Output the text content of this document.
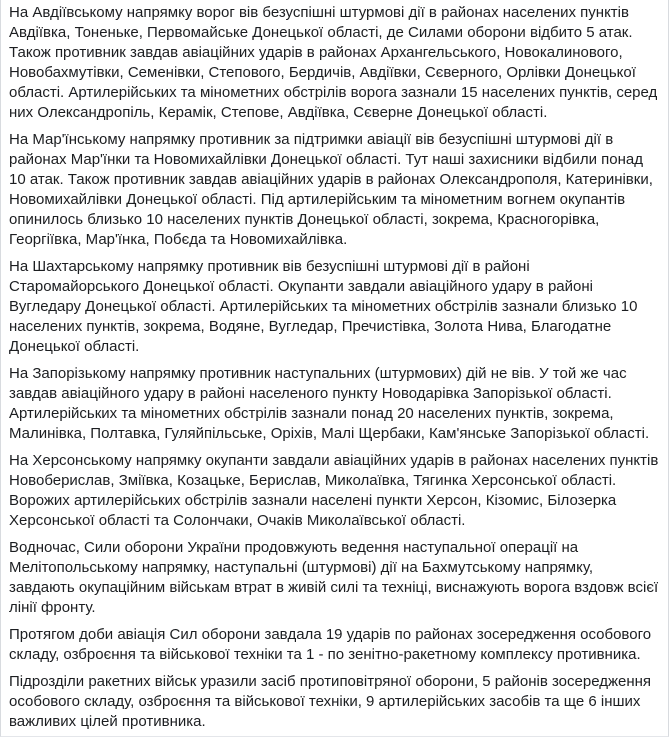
На Авдіївському напрямку ворог вів безуспішні штурмові дії в районах населених пунктів Авдіївка, Тоненьке, Первомайське Донецької області, де Силами оборони відбито 5 атак. Також противник завдав авіаційних ударів в районах Архангельського, Новокалинового, Новобахмутівки, Семенівки, Степового, Бердичів, Авдіївки, Сєверного, Орлівки Донецької області. Артилерійських та мінометних обстрілів ворога зазнали 15 населених пунктів, серед них Олександропіль, Керамік, Степове, Авдіївка, Сєверне Донецької області.

На Мар'їнському напрямку противник за підтримки авіації вів безуспішні штурмові дії в районах Мар'їнки та Новомихайлівки Донецької області. Тут наші захисники відбили понад 10 атак. Також противник завдав авіаційних ударів в районах Олександрополя, Катеринівки, Новомихайлівки Донецької області. Під артилерійським та мінометним вогнем окупантів опинилось близько 10 населених пунктів Донецької області, зокрема, Красногорівка, Георгіївка, Мар'їнка, Побєда та Новомихайлівка.

На Шахтарському напрямку противник вів безуспішні штурмові дії в районі Старомайорського Донецької області. Окупанти завдали авіаційного удару в районі Вугледару Донецької області. Артилерійських та мінометних обстрілів зазнали близько 10 населених пунктів, зокрема, Водяне, Вугледар, Пречистівка, Золота Нива, Благодатне Донецької області.

На Запорізькому напрямку противник наступальних (штурмових) дій не вів. У той же час завдав авіаційного удару в районі населеного пункту Новодарівка Запорізької області. Артилерійських та мінометних обстрілів зазнали понад 20 населених пунктів, зокрема, Малинівка, Полтавка, Гуляйпільське, Оріхів, Малі Щербаки, Кам'янське Запорізької області.

На Херсонському напрямку окупанти завдали авіаційних ударів в районах населених пунктів Новоберислав, Зміївка, Козацьке, Берислав, Миколаївка, Тягинка Херсонської області. Ворожих артилерійських обстрілів зазнали населені пункти Херсон, Кізомис, Білозерка Херсонської області та Солончаки, Очаків Миколаївської області.

Водночас, Сили оборони України продовжують ведення наступальної операції на Мелітопольському напрямку, наступальні (штурмові) дії на Бахмутському напрямку, завдають окупаційним військам втрат в живій силі та техніці, виснажують ворога вздовж всієї лінії фронту.

Протягом доби авіація Сил оборони завдала 19 ударів по районах зосередження особового складу, озброєння та військової техніки та 1 - по зенітно-ракетному комплексу противника.

Підрозділи ракетних військ уразили засіб протиповітряної оборони, 5 районів зосередження особового складу, озброєння та військової техніки, 9 артилерійських засобів та ще 6 інших важливих цілей противника.
